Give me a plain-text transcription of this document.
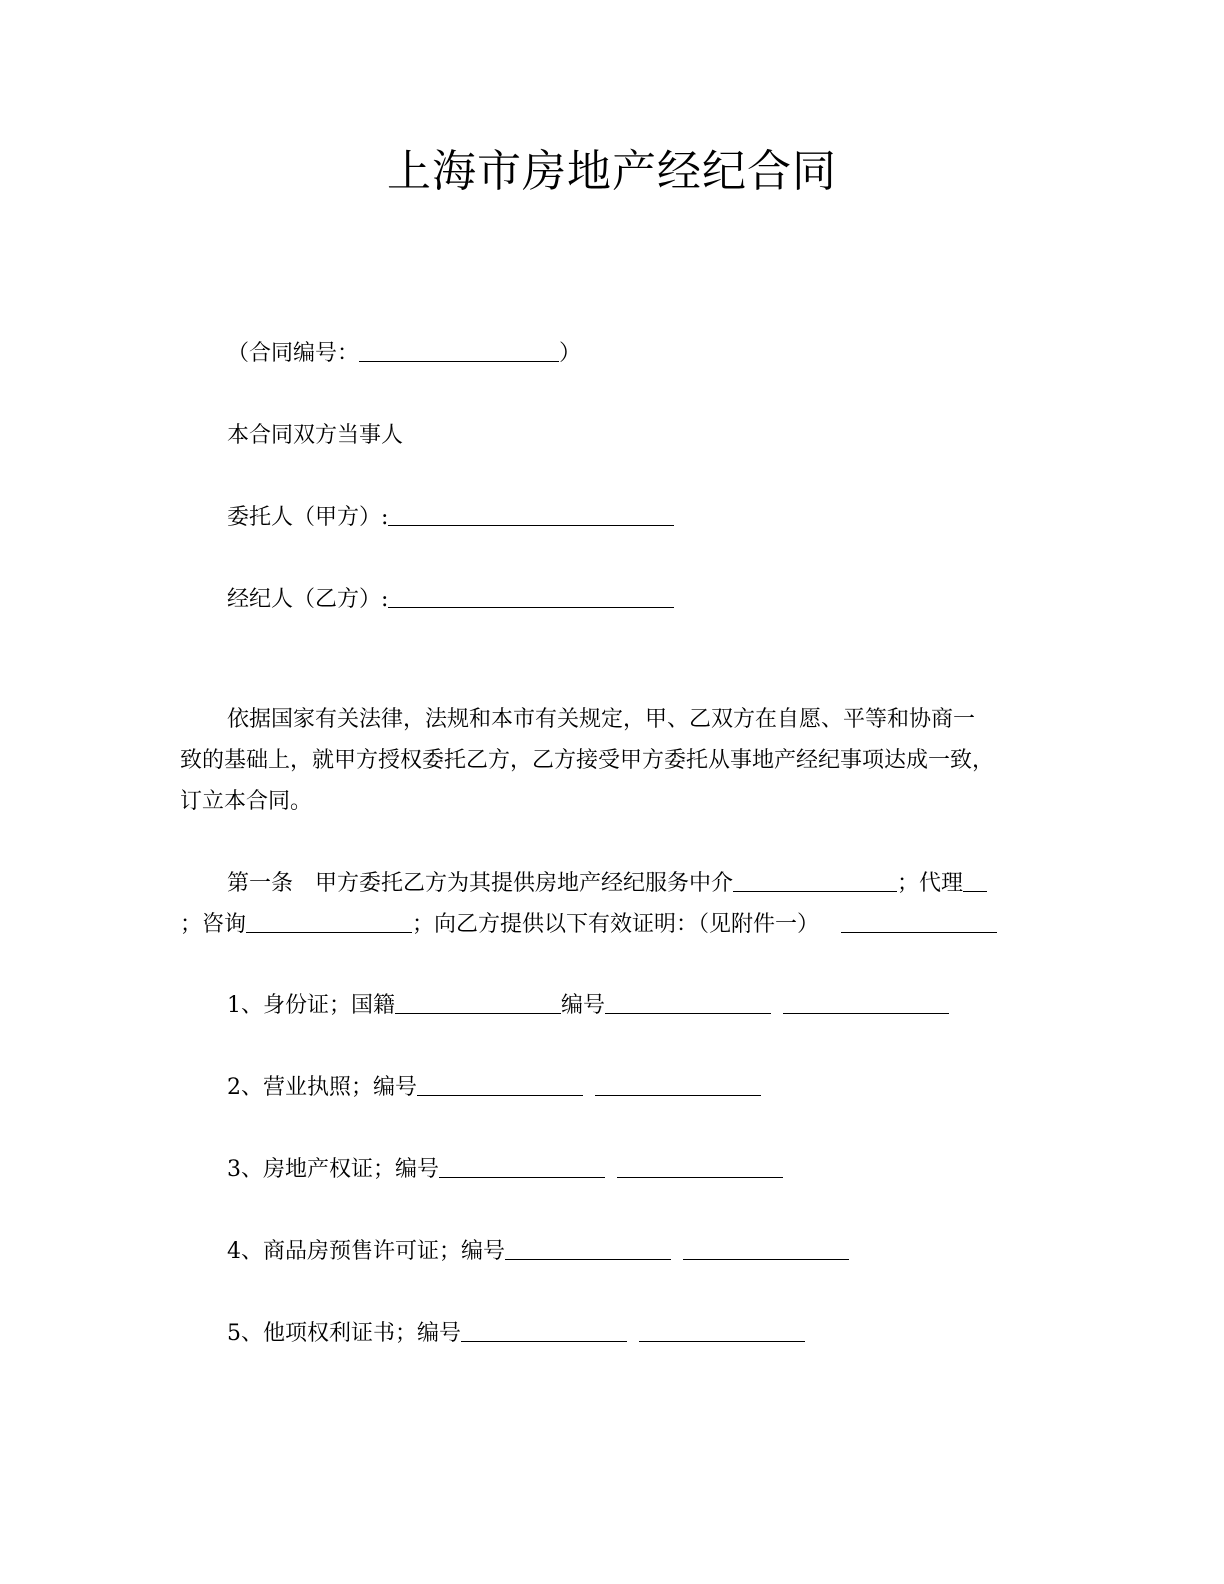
上海市房地产经纪合同
（合同编号：	）
本合同双方当事人
委托人（甲方）:
经纪人（乙方）:
依据国家有关法律，法规和本市有关规定，甲、乙双方在自愿、平等和协商一
致的基础上，就甲方授权委托乙方，乙方接受甲方委托从事地产经纪事项达成一致，
订立本合同。
第一条　甲方委托乙方为其提供房地产经纪服务中介	；代理
；咨询	；向乙方提供以下有效证明：（见附件一）
1、身份证；国籍	编号
2、营业执照；编号
3、房地产权证；编号
4、商品房预售许可证；编号
5、他项权利证书；编号
